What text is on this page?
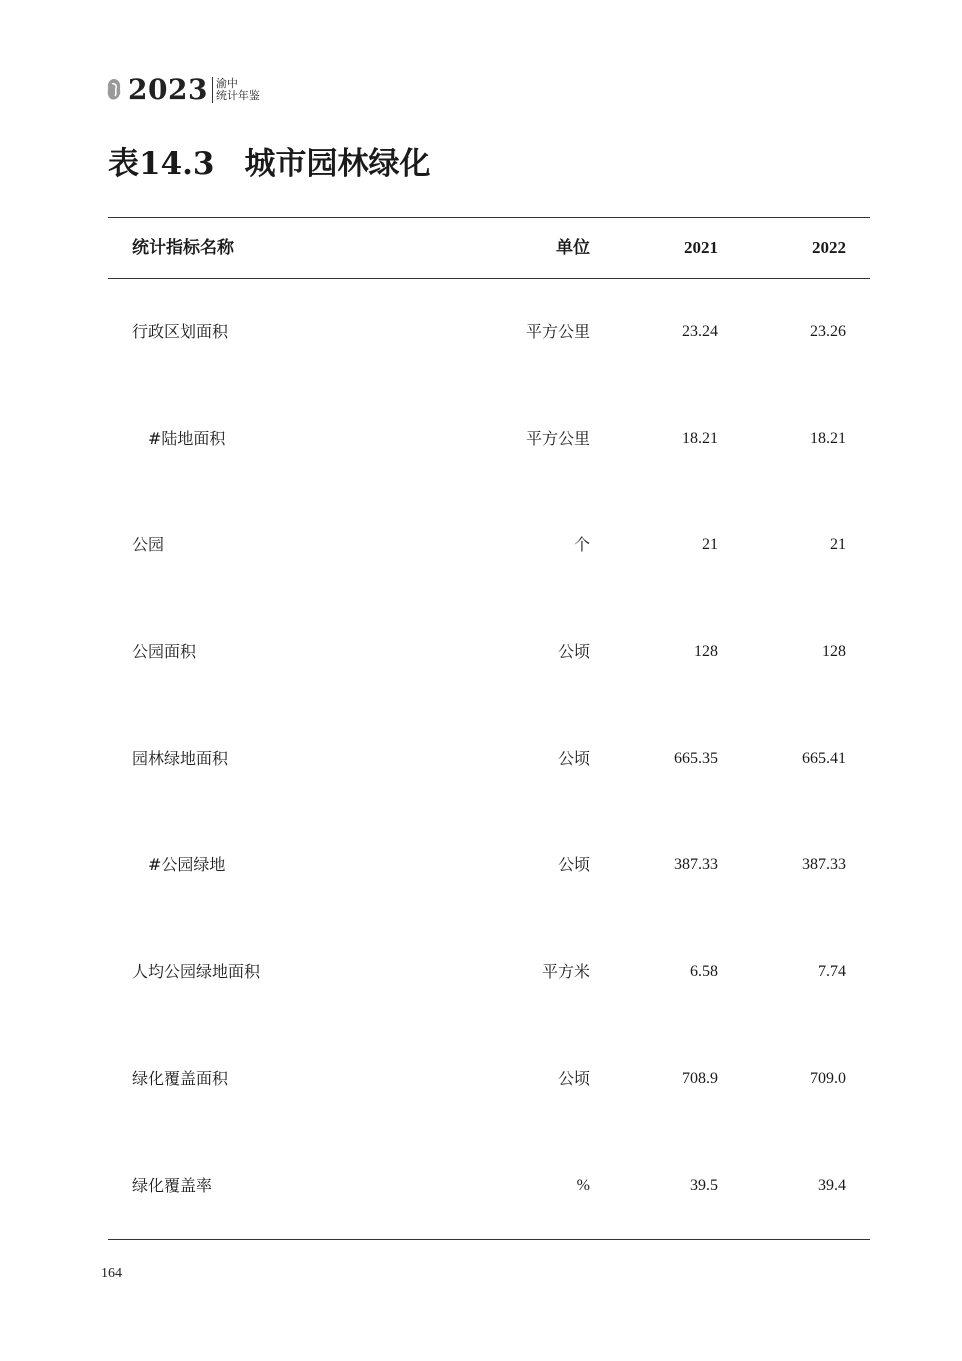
2023 渝中
统计年鉴
表14.3 城市园林绿化
统计指标名称	单位	2021	2022
行政区划面积	平方公里	23.24	23.26
#陆地面积	平方公里	18.21	18.21
公园	个	21	21
公园面积	公顷	128	128
园林绿地面积	公顷	665.35	665.41
#公园绿地	公顷	387.33	387.33
人均公园绿地面积	平方米	6.58	7.74
绿化覆盖面积	公顷	708.9	709.0
绿化覆盖率	%	39.5	39.4
164
